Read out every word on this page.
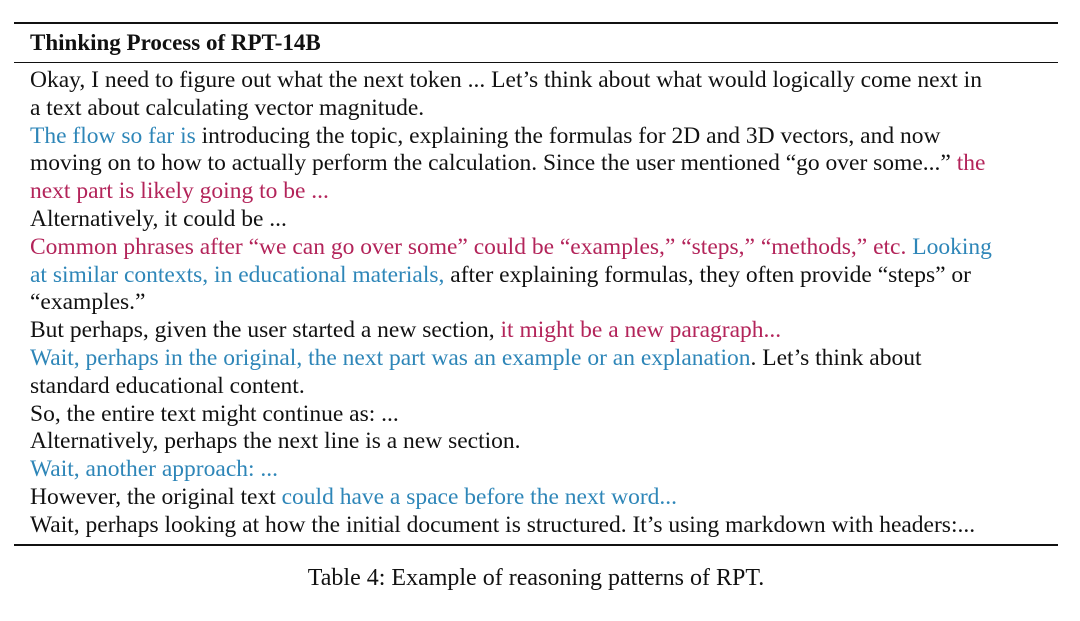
Thinking Process of RPT-14B
Okay, I need to figure out what the next token ... Let’s think about what would logically come next in
a text about calculating vector magnitude.
The flow so far is introducing the topic, explaining the formulas for 2D and 3D vectors, and now
moving on to how to actually perform the calculation. Since the user mentioned “go over some...” the
next part is likely going to be ...
Alternatively, it could be ...
Common phrases after “we can go over some” could be “examples,” “steps,” “methods,” etc. Looking
at similar contexts, in educational materials, after explaining formulas, they often provide “steps” or
“examples.”
But perhaps, given the user started a new section, it might be a new paragraph...
Wait, perhaps in the original, the next part was an example or an explanation. Let’s think about
standard educational content.
So, the entire text might continue as: ...
Alternatively, perhaps the next line is a new section.
Wait, another approach: ...
However, the original text could have a space before the next word...
Wait, perhaps looking at how the initial document is structured. It’s using markdown with headers:...
Table 4: Example of reasoning patterns of RPT.
